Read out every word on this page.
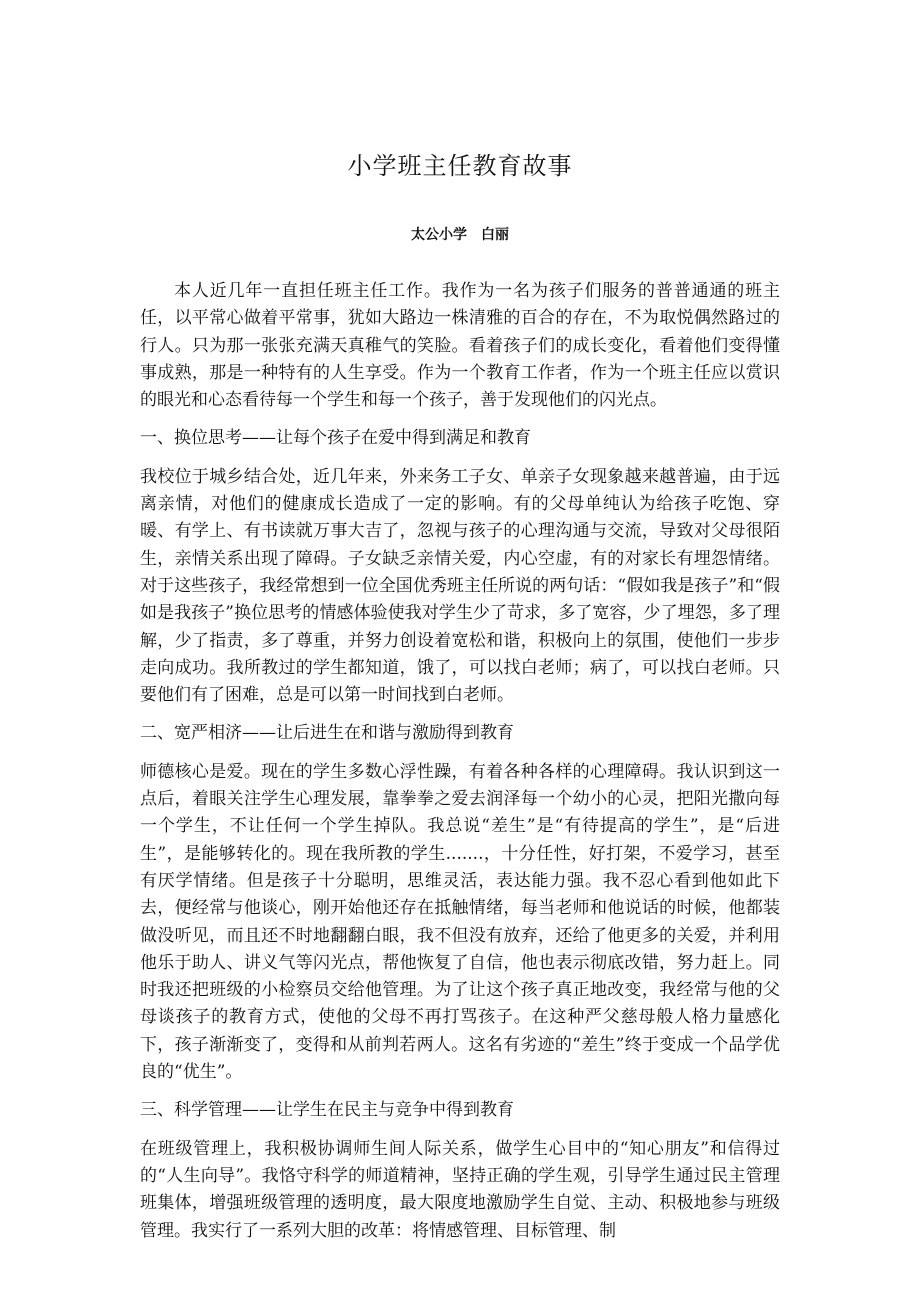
小学班主任教育故事
太公小学 白丽

本人近几年一直担任班主任工作。我作为一名为孩子们服务的普普通通的班主任，以平常心做着平常事，犹如大路边一株清雅的百合的存在，不为取悦偶然路过的行人。只为那一张张充满天真稚气的笑脸。看着孩子们的成长变化，看着他们变得懂事成熟，那是一种特有的人生享受。作为一个教育工作者，作为一个班主任应以赏识的眼光和心态看待每一个学生和每一个孩子，善于发现他们的闪光点。

一、换位思考——让每个孩子在爱中得到满足和教育

我校位于城乡结合处，近几年来，外来务工子女、单亲子女现象越来越普遍，由于远离亲情，对他们的健康成长造成了一定的影响。有的父母单纯认为给孩子吃饱、穿暖、有学上、有书读就万事大吉了，忽视与孩子的心理沟通与交流，导致对父母很陌生，亲情关系出现了障碍。子女缺乏亲情关爱，内心空虚，有的对家长有埋怨情绪。对于这些孩子，我经常想到一位全国优秀班主任所说的两句话：“假如我是孩子”和“假如是我孩子”换位思考的情感体验使我对学生少了苛求，多了宽容，少了埋怨，多了理解，少了指责，多了尊重，并努力创设着宽松和谐，积极向上的氛围，使他们一步步走向成功。我所教过的学生都知道，饿了，可以找白老师；病了，可以找白老师。只要他们有了困难，总是可以第一时间找到白老师。

二、宽严相济——让后进生在和谐与激励得到教育

师德核心是爱。现在的学生多数心浮性躁，有着各种各样的心理障碍。我认识到这一点后，着眼关注学生心理发展，靠拳拳之爱去润泽每一个幼小的心灵，把阳光撒向每一个学生，不让任何一个学生掉队。我总说“差生”是“有待提高的学生”，是“后进生”，是能够转化的。现在我所教的学生.......，十分任性，好打架，不爱学习，甚至有厌学情绪。但是孩子十分聪明，思维灵活，表达能力强。我不忍心看到他如此下去，便经常与他谈心，刚开始他还存在抵触情绪，每当老师和他说话的时候，他都装做没听见，而且还不时地翻翻白眼，我不但没有放弃，还给了他更多的关爱，并利用他乐于助人、讲义气等闪光点，帮他恢复了自信，他也表示彻底改错，努力赶上。同时我还把班级的小检察员交给他管理。为了让这个孩子真正地改变，我经常与他的父母谈孩子的教育方式，使他的父母不再打骂孩子。在这种严父慈母般人格力量感化下，孩子渐渐变了，变得和从前判若两人。这名有劣迹的“差生”终于变成一个品学优良的“优生”。

三、科学管理——让学生在民主与竞争中得到教育

在班级管理上，我积极协调师生间人际关系，做学生心目中的“知心朋友”和信得过的“人生向导”。我恪守科学的师道精神，坚持正确的学生观，引导学生通过民主管理班集体，增强班级管理的透明度，最大限度地激励学生自觉、主动、积极地参与班级管理。我实行了一系列大胆的改革：将情感管理、目标管理、制
